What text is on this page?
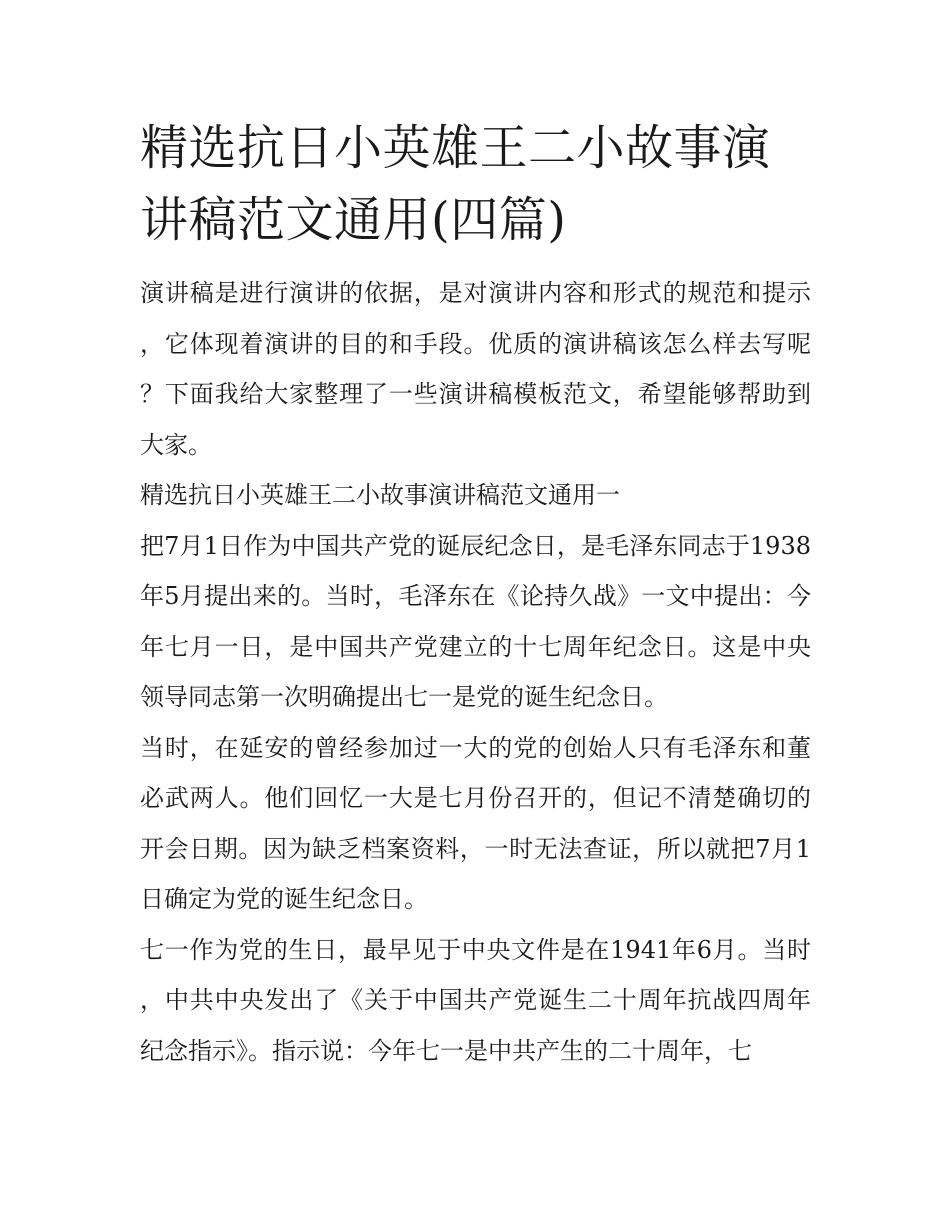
精选抗日小英雄王二小故事演讲稿范文通用(四篇)

演讲稿是进行演讲的依据，是对演讲内容和形式的规范和提示，它体现着演讲的目的和手段。优质的演讲稿该怎么样去写呢？下面我给大家整理了一些演讲稿模板范文，希望能够帮助到大家。

精选抗日小英雄王二小故事演讲稿范文通用一

把7月1日作为中国共产党的诞辰纪念日，是毛泽东同志于1938年5月提出来的。当时，毛泽东在《论持久战》一文中提出：今年七月一日，是中国共产党建立的十七周年纪念日。这是中央领导同志第一次明确提出七一是党的诞生纪念日。

当时，在延安的曾经参加过一大的党的创始人只有毛泽东和董必武两人。他们回忆一大是七月份召开的，但记不清楚确切的开会日期。因为缺乏档案资料，一时无法查证，所以就把7月1日确定为党的诞生纪念日。

七一作为党的生日，最早见于中央文件是在1941年6月。当时，中共中央发出了《关于中国共产党诞生二十周年抗战四周年纪念指示》。指示说：今年七一是中共产生的二十周年，七
